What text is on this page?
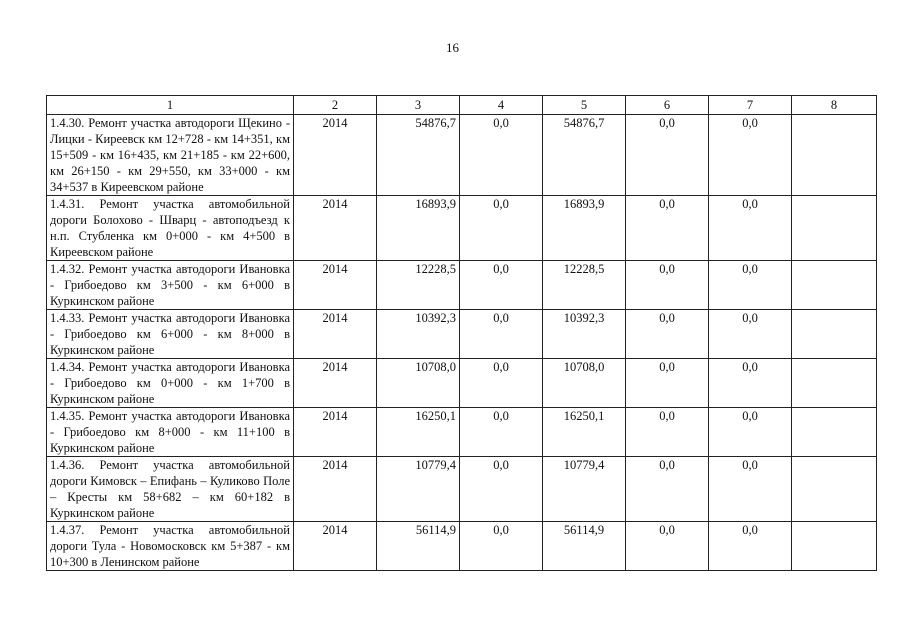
16
1	2	3	4	5	6	7	8
1.4.30. Ремонт участка автодороги Щекино - Лицки - Киреевск км 12+728 - км 14+351, км 15+509 - км 16+435, км 21+185 - км 22+600, км 26+150 - км 29+550, км 33+000 - км 34+537 в Киреевском районе	2014	54876,7	0,0	54876,7	0,0	0,0	
1.4.31. Ремонт участка автомобильной дороги Болохово - Шварц - автоподъезд к н.п. Стубленка км 0+000 - км 4+500 в Киреевском районе	2014	16893,9	0,0	16893,9	0,0	0,0	
1.4.32. Ремонт участка автодороги Ивановка - Грибоедово км 3+500 - км 6+000 в Куркинском районе	2014	12228,5	0,0	12228,5	0,0	0,0	
1.4.33. Ремонт участка автодороги Ивановка - Грибоедово км 6+000 - км 8+000 в Куркинском районе	2014	10392,3	0,0	10392,3	0,0	0,0	
1.4.34. Ремонт участка автодороги Ивановка - Грибоедово км 0+000 - км 1+700 в Куркинском районе	2014	10708,0	0,0	10708,0	0,0	0,0	
1.4.35. Ремонт участка автодороги Ивановка - Грибоедово км 8+000 - км 11+100 в Куркинском районе	2014	16250,1	0,0	16250,1	0,0	0,0	
1.4.36. Ремонт участка автомобильной дороги Кимовск – Епифань – Куликово Поле – Кресты км 58+682 – км 60+182 в Куркинском районе	2014	10779,4	0,0	10779,4	0,0	0,0	
1.4.37. Ремонт участка автомобильной дороги Тула - Новомосковск км 5+387 - км 10+300 в Ленинском районе	2014	56114,9	0,0	56114,9	0,0	0,0	
